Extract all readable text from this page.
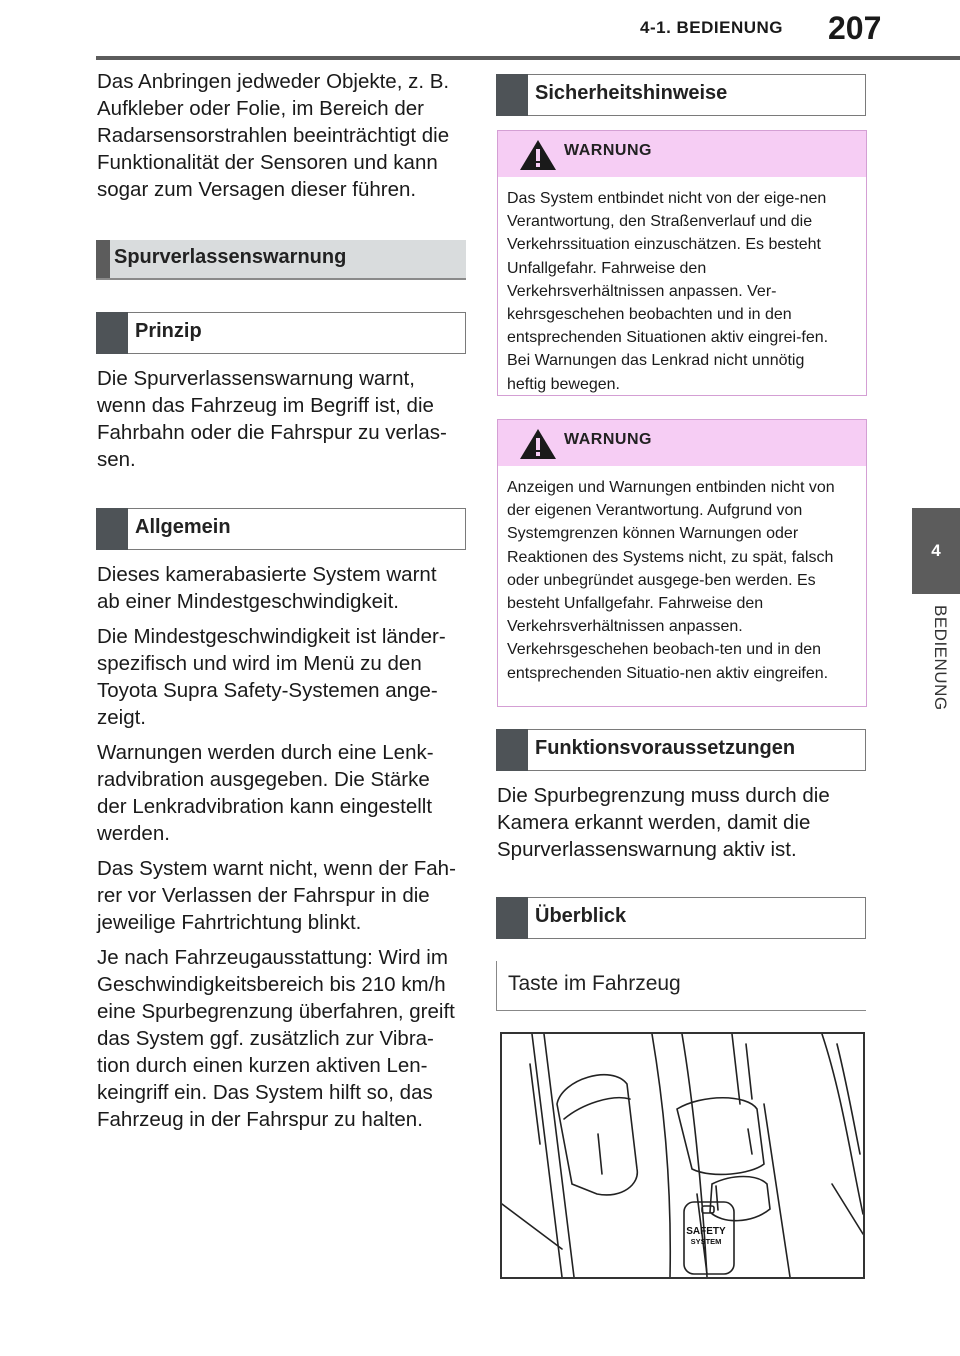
4-1. BEDIENUNG	207
4
BEDIENUNG
Das Anbringen jedweder Objekte, z. B. Aufkleber oder Folie, im Bereich der Radarsensorstrahlen beeinträchtigt die Funktionalität der Sensoren und kann sogar zum Versagen dieser führen.
Spurverlassenswarnung
Prinzip
Die Spurverlassenswarnung warnt, wenn das Fahrzeug im Begriff ist, die Fahrbahn oder die Fahrspur zu verlas-sen.
Allgemein
Dieses kamerabasierte System warnt ab einer Mindestgeschwindigkeit.
Die Mindestgeschwindigkeit ist länder-spezifisch und wird im Menü zu den Toyota Supra Safety-Systemen ange-zeigt.
Warnungen werden durch eine Lenk-radvibration ausgegeben. Die Stärke der Lenkradvibration kann eingestellt werden.
Das System warnt nicht, wenn der Fah-rer vor Verlassen der Fahrspur in die jeweilige Fahrtrichtung blinkt.
Je nach Fahrzeugausstattung: Wird im Geschwindigkeitsbereich bis 210 km/h eine Spurbegrenzung überfahren, greift das System ggf. zusätzlich zur Vibra-tion durch einen kurzen aktiven Len-keingriff ein. Das System hilft so, das Fahrzeug in der Fahrspur zu halten.
Sicherheitshinweise
WARNUNG
Das System entbindet nicht von der eige-nen Verantwortung, den Straßenverlauf und die Verkehrssituation einzuschätzen. Es besteht Unfallgefahr. Fahrweise den Verkehrsverhältnissen anpassen. Ver-kehrsgeschehen beobachten und in den entsprechenden Situationen aktiv eingrei-fen. Bei Warnungen das Lenkrad nicht unnötig heftig bewegen.
WARNUNG
Anzeigen und Warnungen entbinden nicht von der eigenen Verantwortung. Aufgrund von Systemgrenzen können Warnungen oder Reaktionen des Systems nicht, zu spät, falsch oder unbegründet ausgege-ben werden. Es besteht Unfallgefahr. Fahrweise den Verkehrsverhältnissen anpassen. Verkehrsgeschehen beobach-ten und in den entsprechenden Situatio-nen aktiv eingreifen.
Funktionsvoraussetzungen
Die Spurbegrenzung muss durch die Kamera erkannt werden, damit die Spurverlassenswarnung aktiv ist.
Überblick
Taste im Fahrzeug
SAFETY
SYSTEM
